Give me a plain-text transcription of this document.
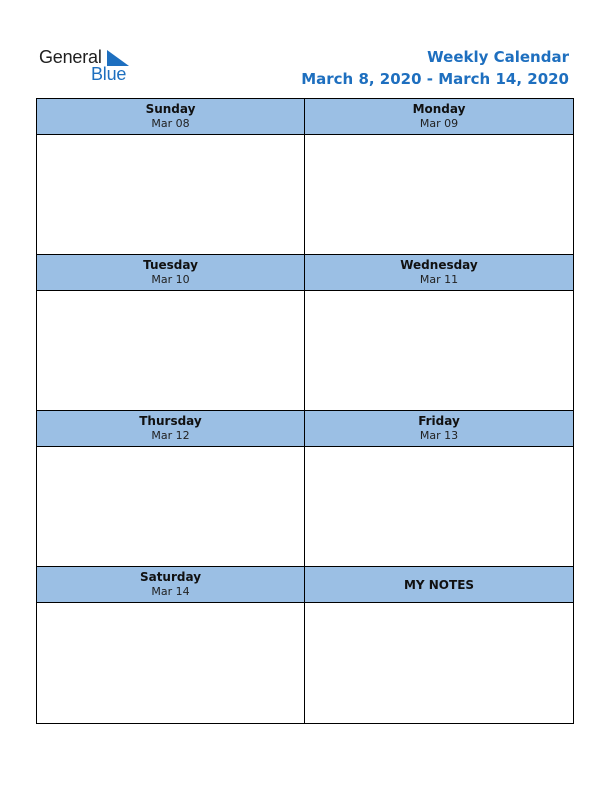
General
Blue
Weekly Calendar
March 8, 2020 - March 14, 2020
Sunday
Mar 08
Monday
Mar 09
Tuesday
Mar 10
Wednesday
Mar 11
Thursday
Mar 12
Friday
Mar 13
Saturday
Mar 14	MY NOTES
